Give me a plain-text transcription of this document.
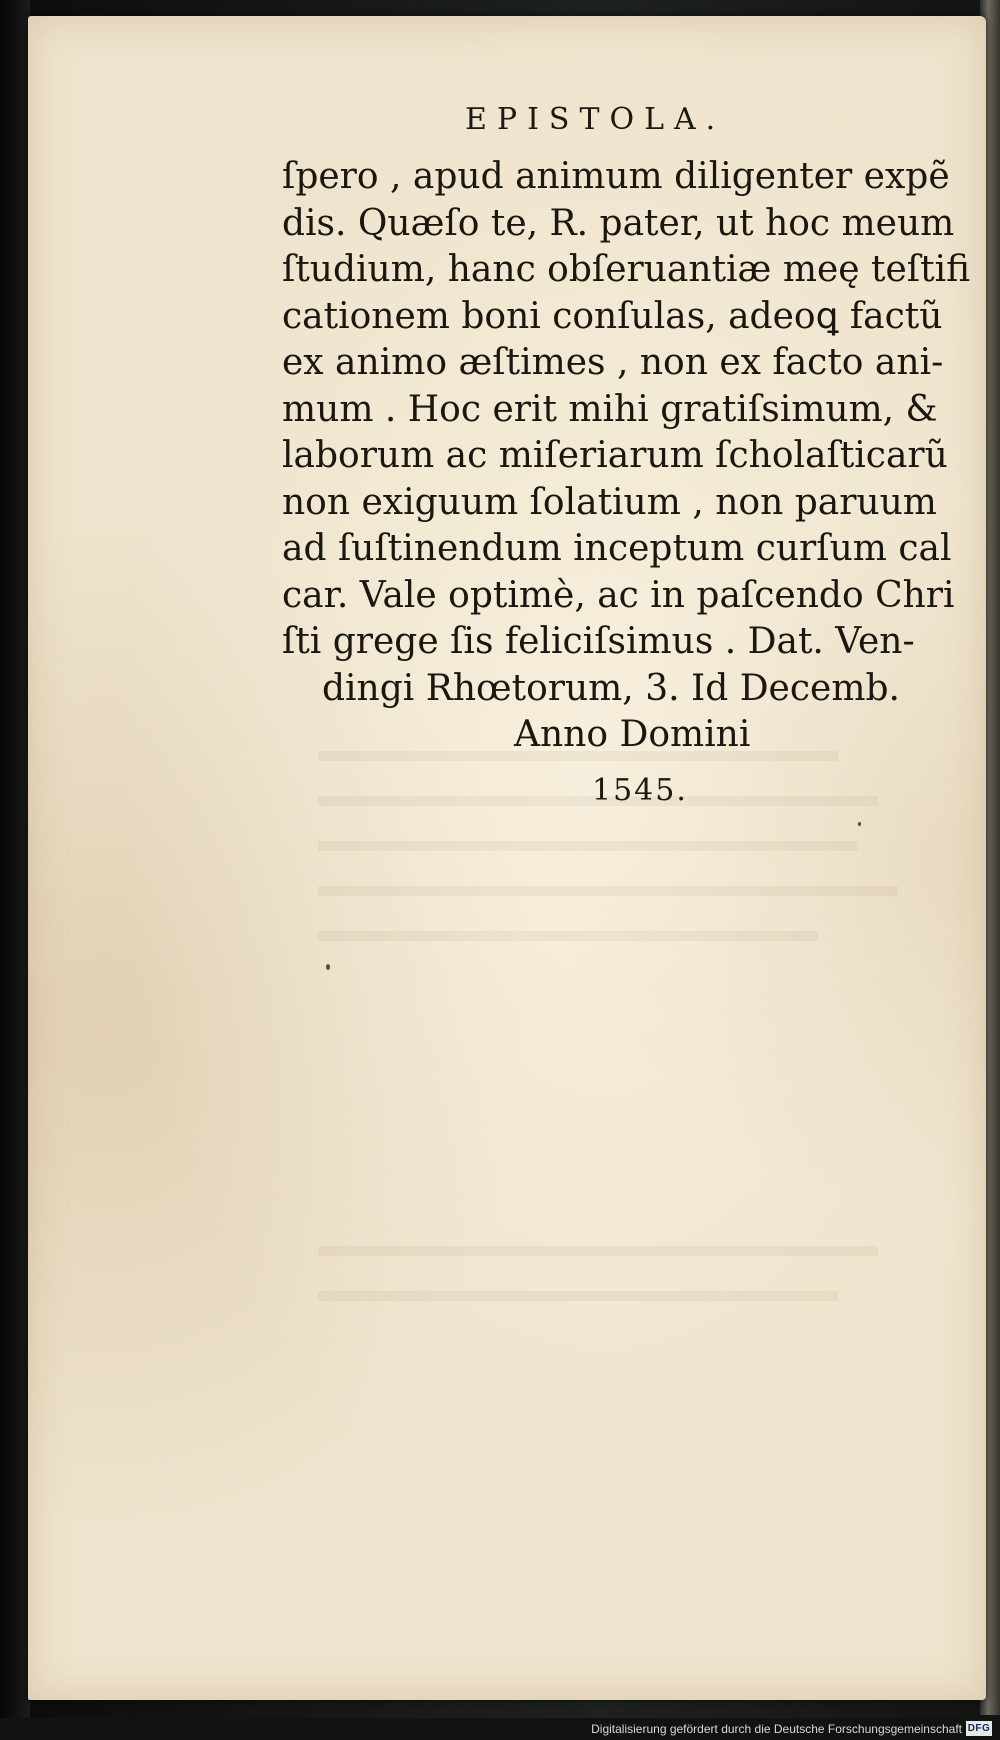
EPISTOLA.
ſpero , apud animum diligenter expẽ
dis. Quæſo te, R. pater, ut hoc meum
ſtudium, hanc obſeruantiæ meę teſtifi
cationem boni conſulas, adeoꝗ factũ
ex animo æſtimes , non ex facto ani-
mum . Hoc erit mihi gratiſsimum, &
laborum ac miſeriarum ſcholaſticarũ
non exiguum ſolatium , non paruum
ad ſuſtinendum inceptum curſum cal
car. Vale optimè, ac in paſcendo Chri
ſti grege ſis feliciſsimus . Dat. Ven-
dingi Rhœtorum, 3. Id Decemb.
Anno Domini
1545.
Digitalisierung gefördert durch die Deutsche Forschungsgemeinschaft DFG
